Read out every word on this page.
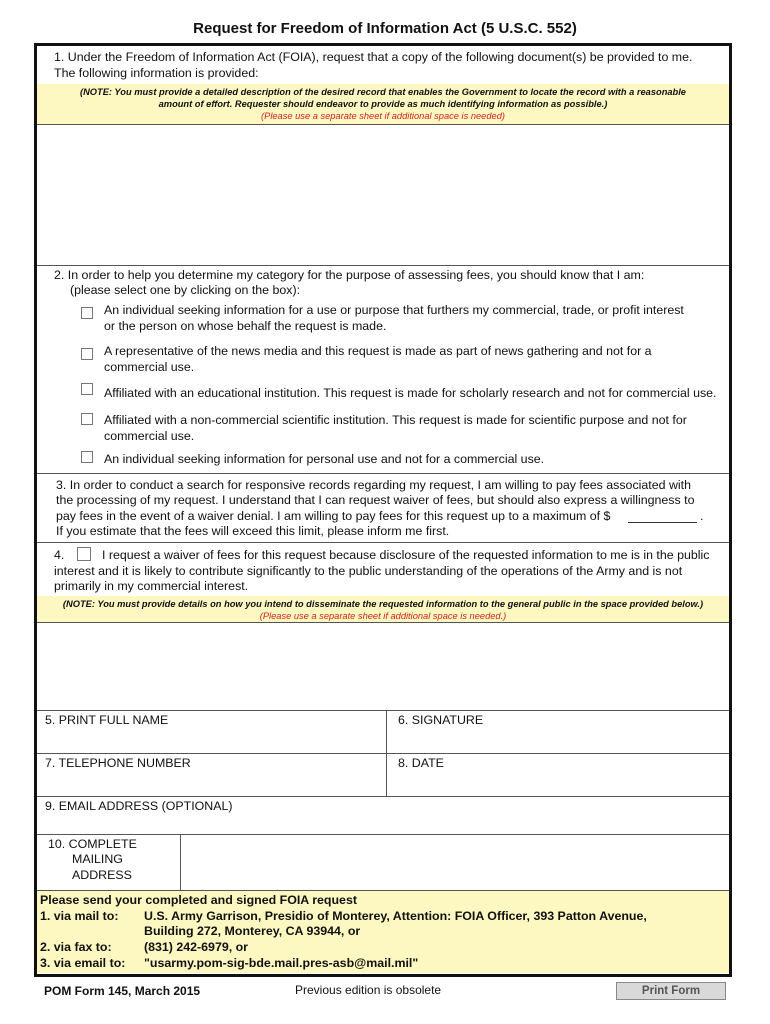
Request for Freedom of Information Act (5 U.S.C. 552)
1. Under the Freedom of Information Act (FOIA), request that a copy of the following document(s) be provided to me.
The following information is provided:
(NOTE: You must provide a detailed description of the desired record that enables the Government to locate the record with a reasonable
amount of effort. Requester should endeavor to provide as much identifying information as possible.)
(Please use a separate sheet if additional space is needed)
2. In order to help you determine my category for the purpose of assessing fees, you should know that I am:
(please select one by clicking on the box):
An individual seeking information for a use or purpose that furthers my commercial, trade, or profit interest
or the person on whose behalf the request is made.
A representative of the news media and this request is made as part of news gathering and not for a
commercial use.
Affiliated with an educational institution. This request is made for scholarly research and not for commercial use.
Affiliated with a non-commercial scientific institution. This request is made for scientific purpose and not for
commercial use.
An individual seeking information for personal use and not for a commercial use.
3. In order to conduct a search for responsive records regarding my request, I am willing to pay fees associated with
the processing of my request. I understand that I can request waiver of fees, but should also express a willingness to
pay fees in the event of a waiver denial. I am willing to pay fees for this request up to a maximum of $	.
If you estimate that the fees will exceed this limit, please inform me first.
4.	I request a waiver of fees for this request because disclosure of the requested information to me is in the public
interest and it is likely to contribute significantly to the public understanding of the operations of the Army and is not
primarily in my commercial interest.
(NOTE: You must provide details on how you intend to disseminate the requested information to the general public in the space provided below.)
(Please use a separate sheet if additional space is needed.)
5. PRINT FULL NAME	6. SIGNATURE
7. TELEPHONE NUMBER	8. DATE
9. EMAIL ADDRESS (OPTIONAL)
10. COMPLETE
MAILING
ADDRESS
Please send your completed and signed FOIA request
1. via mail to: U.S. Army Garrison, Presidio of Monterey, Attention: FOIA Officer, 393 Patton Avenue,
Building 272, Monterey, CA 93944, or
2. via fax to:	(831) 242-6979, or
3. via email to: "usarmy.pom-sig-bde.mail.pres-asb@mail.mil"
POM Form 145, March 2015	Previous edition is obsolete	Print Form
